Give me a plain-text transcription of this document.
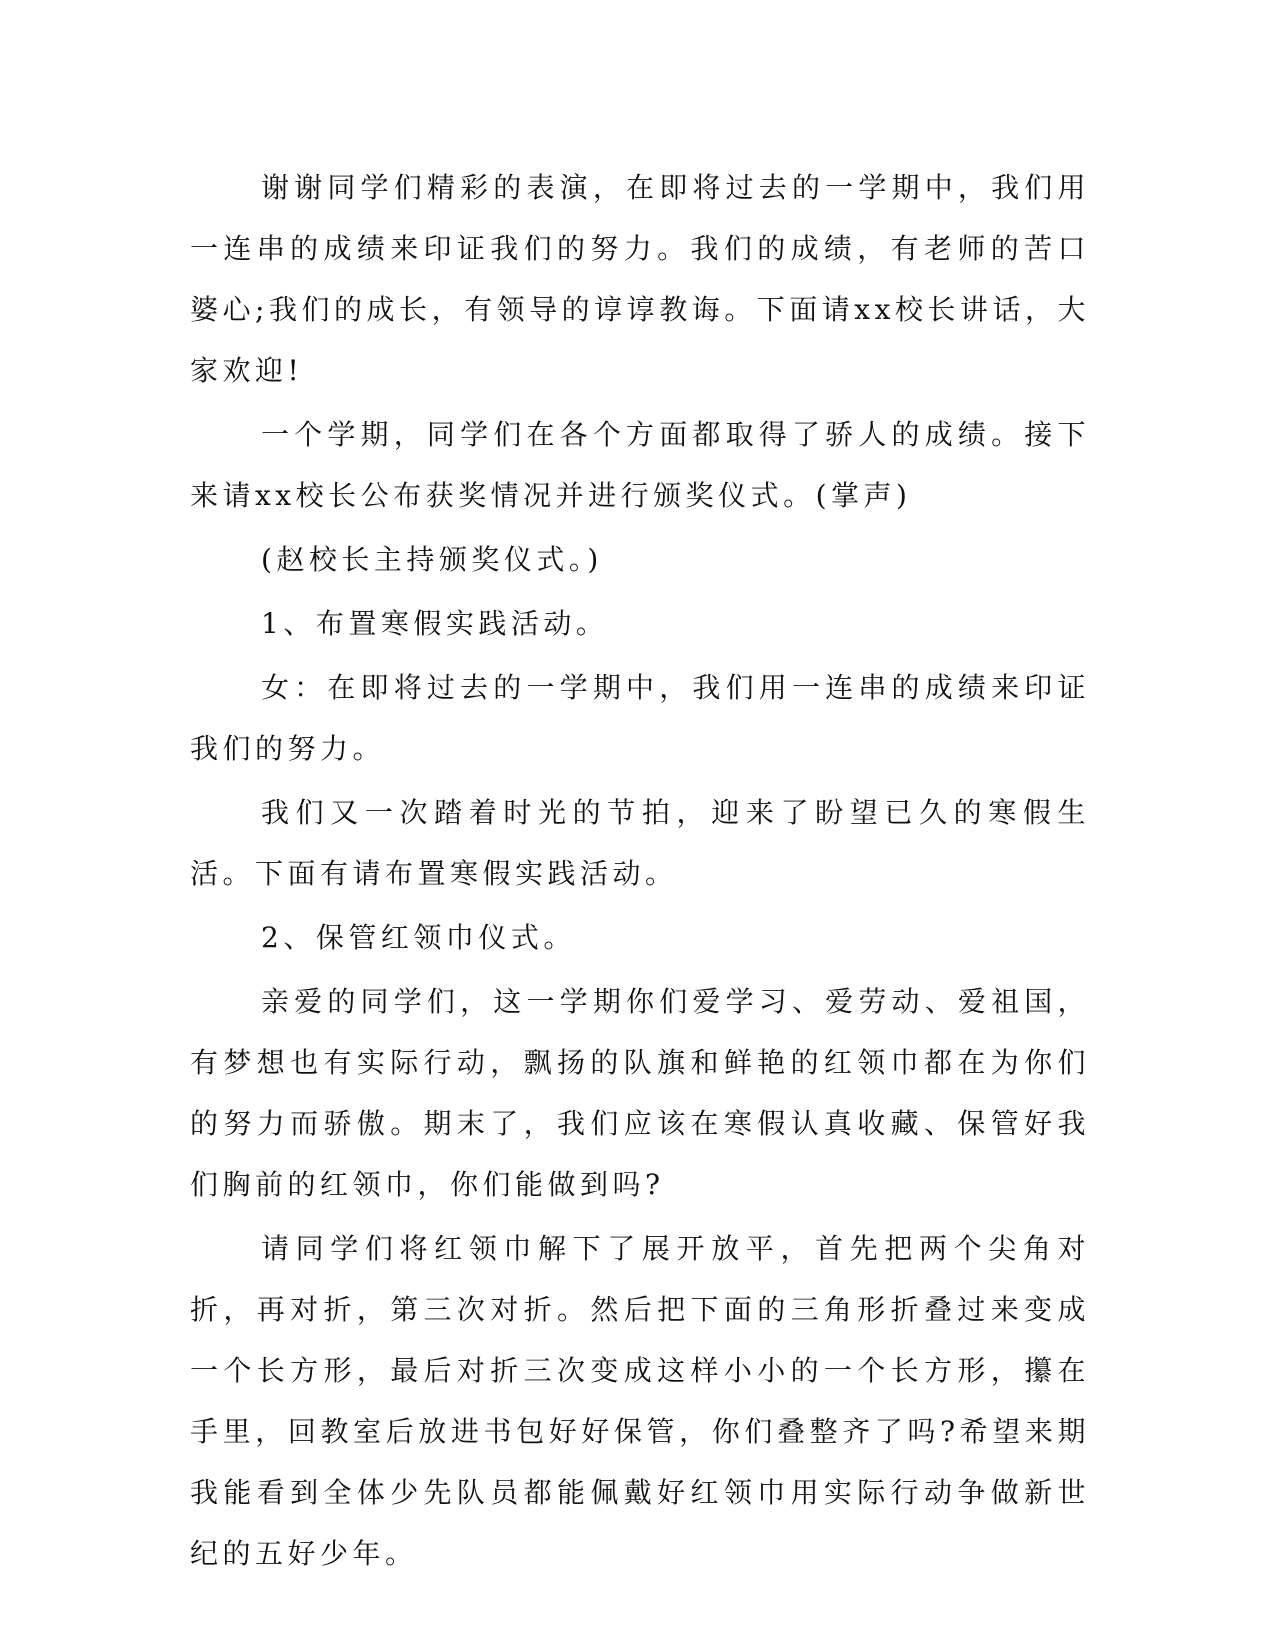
谢谢同学们精彩的表演，在即将过去的一学期中，我们用一连串的成绩来印证我们的努力。我们的成绩，有老师的苦口婆心;我们的成长，有领导的谆谆教诲。下面请xx校长讲话，大家欢迎!

一个学期，同学们在各个方面都取得了骄人的成绩。接下来请xx校长公布获奖情况并进行颁奖仪式。(掌声)

(赵校长主持颁奖仪式。)

1、布置寒假实践活动。

女：在即将过去的一学期中，我们用一连串的成绩来印证我们的努力。

我们又一次踏着时光的节拍，迎来了盼望已久的寒假生活。下面有请布置寒假实践活动。

2、保管红领巾仪式。

亲爱的同学们，这一学期你们爱学习、爱劳动、爱祖国，有梦想也有实际行动，飘扬的队旗和鲜艳的红领巾都在为你们的努力而骄傲。期末了，我们应该在寒假认真收藏、保管好我们胸前的红领巾，你们能做到吗?

请同学们将红领巾解下了展开放平，首先把两个尖角对折，再对折，第三次对折。然后把下面的三角形折叠过来变成一个长方形，最后对折三次变成这样小小的一个长方形，攥在手里，回教室后放进书包好好保管，你们叠整齐了吗?希望来期我能看到全体少先队员都能佩戴好红领巾用实际行动争做新世纪的五好少年。
